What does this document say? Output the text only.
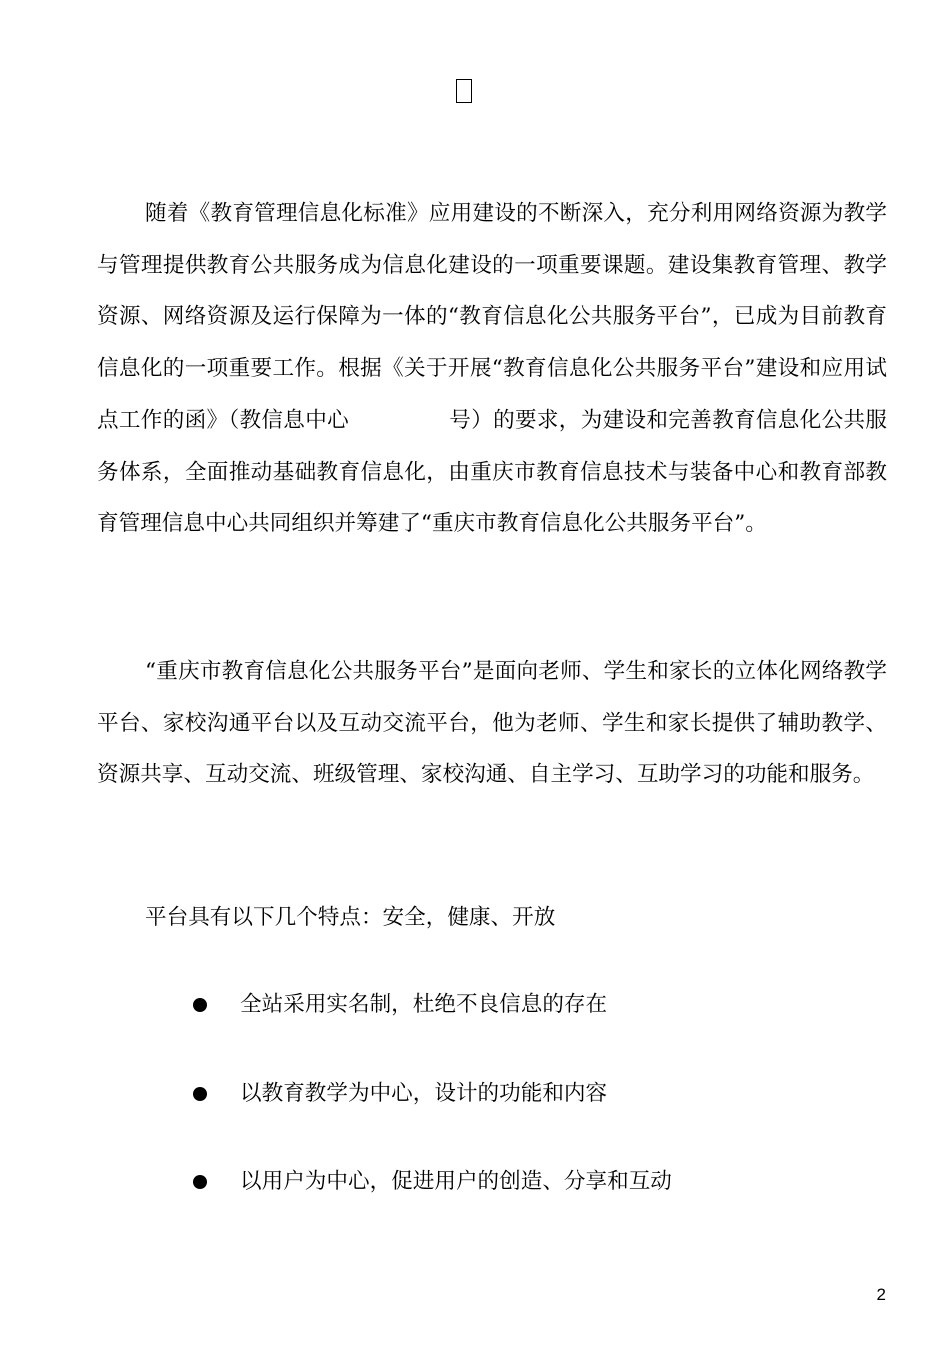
随着《教育管理信息化标准》应用建设的不断深入，充分利用网络资源为教学与管理提供教育公共服务成为信息化建设的一项重要课题。建设集教育管理、教学资源、网络资源及运行保障为一体的“教育信息化公共服务平台”，已成为目前教育信息化的一项重要工作。根据《关于开展“教育信息化公共服务平台”建设和应用试点工作的函》（教信息中心	号）的要求，为建设和完善教育信息化公共服务体系，全面推动基础教育信息化，由重庆市教育信息技术与装备中心和教育部教育管理信息中心共同组织并筹建了“重庆市教育信息化公共服务平台”。

“重庆市教育信息化公共服务平台”是面向老师、学生和家长的立体化网络教学平台、家校沟通平台以及互动交流平台，他为老师、学生和家长提供了辅助教学、资源共享、互动交流、班级管理、家校沟通、自主学习、互助学习的功能和服务。

平台具有以下几个特点：安全，健康、开放

全站采用实名制，杜绝不良信息的存在
以教育教学为中心，设计的功能和内容
以用户为中心，促进用户的创造、分享和互动
2
